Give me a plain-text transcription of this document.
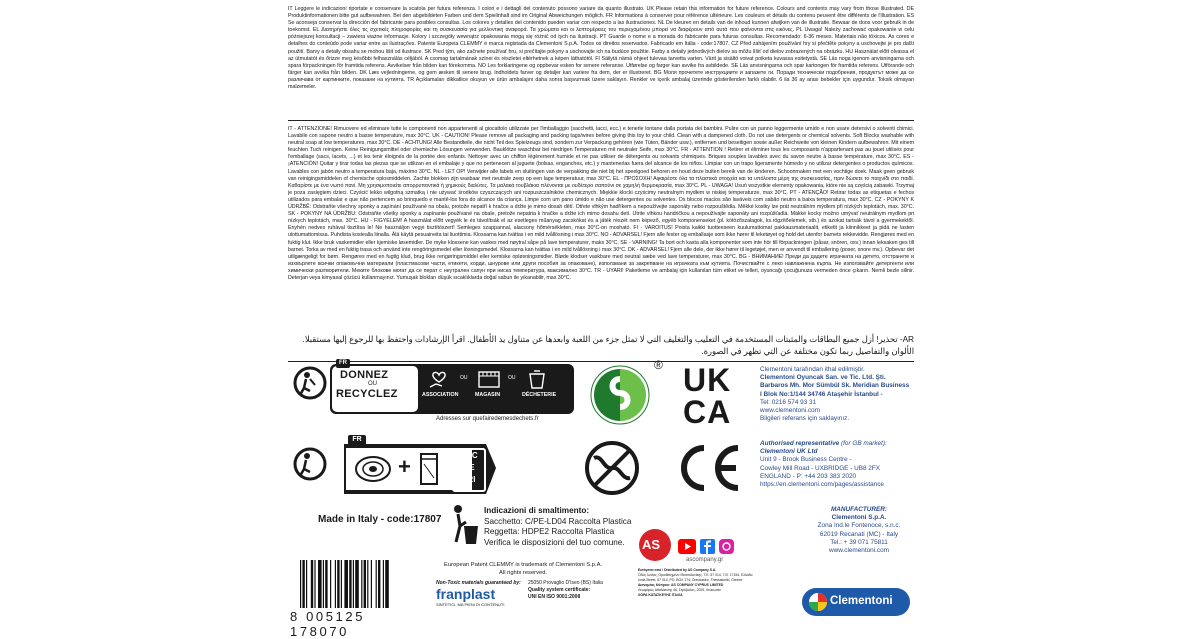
IT Leggere le indicazioni riportate e conservare la scatola per futura referenza. I colori e i dettagli del contenuto possono variare da quanto illustrato. UK Please retain this information for future reference. Colours and contents may vary from those illustrated. DE Produktinformationen bitte gut aufbewahren. Bei den abgebildeten Farben und dem Spielinhalt sind im Original Abweichungen möglich. FR Informations à conserver pour référence ultérieure. Les couleurs et détails du contenu peuvent être différents de l'illustration. ES Se aconseja conservar la dirección del fabricante para posibles consultas. Los colores y detalles del contenido pueden variar con respecto a las ilustraciones. NL De kleuren en details van de inhoud kunnen afwijken van de illustratie. Bewaar de doos voor gebruik in de toekomst. EL Διατηρήστε όλες τις σχετικές πληροφορίες και τη συσκευασία για μελλοντική αναφορά. Τα χρώματα και οι λεπτομέρειες του περιεχομένου μπορεί να διαφέρουν από αυτά που φαίνονται στις εικόνες. PL Uwaga! Należy zachować opakowanie w celu późniejszej konsultacji – zawiera ważne informacje. Kolory i szczegóły wewnątrz opakowania mogą się różnić od tych na ilustracji. PT Guarde o nome e a morada do fabricante para futuras consultas. Recomendado: 6-36 meses. Materiais não tóxicos. As cores e detalhes do conteúdo pode variar entre as ilustrações. Patente Europeia CLEMMY é marca registada da Clementoni S.p.A. Todos os direitos reservados. Fabricado em Itália - code:17807. CZ Před zahájením používání hry si přečtěte pokyny a uschovejte je pro další použití. Barvy a detaily obsahu se mohou lišit od ilustrace. SK Pred tým, ako začnete používať hru, si prečítajte pokyny a uschovajte ich na budúce použitie. Farby a detaily jednotlivých dielov sa môžu líšiť od dielov zobrazených na obrázku. HU Használat előtt olvassa el az útmutatót és őrizze meg későbbi felhasználás céljából. A csomag tartalmának színei és részletei eltérhetnek a képen láthatótól. FI Säilytä nämä ohjeet tulevaa tarvetta varten. Värit ja sisältö voivat poiketa kuvassa esitetystä. SE Läs noga igenom anvisningarna och spara förpackningen för framtida referens. Avvikelser från bilden kan förekomma. NO Les forklaringene og oppbevar esken for senere referanse. Utførelse og farger kan avvike fra avbildede. SE Läs anvisningarna och spar kartongen för framtida referens. Utförande och färger kan avvika från bilden. DK Læs vejledningerne, og gem æsken til senere brug. Indholdets farver og detaljer kan variere fra dem, der er illustreret. BG Моля прочетете инструкциите и запазете ги. Поради технически подобрения, продуктът може да се различава от картинките, показани на кутията. TR Açıklamaları dikkatlice okuyun ve ürün ambalajını daha sonra başvurmak üzere saklayın. Renkler ve içerik ambalaj üzerinde gösterilenden farklı olabilir. 6 ila 36 ay arası bebekler için uygundur. Toksik olmayan malzemeler.

IT - ATTENZIONE! Rimuovere ed eliminare tutte le componenti non appartenenti al giocattolo utilizzate per l'imballaggio (sacchetti, lacci, ecc.) e tenerle lontane dalla portata dei bambini. Pulire con un panno leggermente umido e non usare detersivi o solventi chimici. Lavabile con sapone neutro a basse temperature, max 30°C. UK - CAUTION! Please remove all packaging and packing tags/wires before giving this toy to your child. Clean with a dampened cloth. Do not use detergents or chemical solvents. Soft Blocks washable with neutral soap at low temperatures, max 30°C. DE - ACHTUNG! Alle Bestandteile, die nicht Teil des Spielzeugs sind, sondern zur Verpackung gehören (wie Tüten, Bänder usw.), entfernen und beseitigen sowie außer Reichweite von kleinen Kindern aufbewahren. Mit einem feuchten Tuch reinigen. Keine Reinigungsmittel oder chemische Lösungen verwenden. Bauklötze waschbar bei niedrigen Temperaturen mit neutraler Seife, max 30°C. FR - ATTENTION ! Retirer et éliminer tous les composants n'appartenant pas au jouet utilisés pour l'emballage (sacs, lacets, ...) et les tenir éloignés de la portée des enfants. Nettoyer avec un chiffon légèrement humide et ne pas utiliser de détergents ou solvants chimiques. Briques souples lavables avec du savon neutre à basse température, max 30°C. ES - ¡ATENCIÓN! Quitar y tirar todas las piezas que se utilizan en el embalaje y que no pertenecen al juguete (bolsas, enganches, etc.) y mantenerlas fuera del alcance de los niños. Limpiar con un trapo ligeramente húmedo y no utilizar detergentes o productos químicos. Lavables con jabón neutro a temperatura baja, máximo 30°C. NL - LET OP! Verwijder alle labels en sluitingen van de verpakking die niet bij het speelgoed behoren en houd deze buiten bereik van de kinderen. Schoonmaken met een vochtige doek. Maak geen gebruik van reinigingsmiddelen of chemische oplosmiddelen. Zachte blokken zijn wasbaar met neutrale zeep op een lage temperatuur, max 30°C. EL - ΠΡΟΣΟΧΗ! Αφαιρέστε όλα τα πλαστικά στοιχεία και τα υπόλοιπα μέρη της συσκευασίας, πριν δώσετε το παιχνίδι στο παιδί. Καθαρίστε με ένα νωπό πανί. Μη χρησιμοποιείτε απορρυπαντικά ή χημικούς διαλύτες. Τα μαλακά τουβλάκια πλένονται με ουδέτερο σαπούνι σε χαμηλή θερμοκρασία, max 30°C. PL - UWAGA! Usuń wszystkie elementy opakowania, które nie są częścią zabawki. Trzymaj je poza zasięgiem dzieci. Czyścić lekko wilgotną szmatką i nie używać środków czyszczących ani rozpuszczalników chemicznych. Miękkie klocki czyścimy neutralnym mydłem w niskiej temperaturze, max 30°C. PT - ATENÇÃO! Retirar todas as etiquetas e fechos utilizados para embalar e que não pertencem ao brinquedo e mantê-los fora do alcance da criança. Limpe com um pano úmido e não use detergentes ou solventes. Os blocos macios são laváveis com sabão neutro a baixa temperatura, max 30°C. CZ - POKYNY K ÚDRŽBĚ: Odstraňte všechny sponky a zapínání používané na obalu, protože nepatří k hračce a držte je mimo dosah dětí. Otřete vlhkým hadříkem a nepoužívejte saponáty nebo rozpouštědla. Měkké kostky lze prát neutrálním mýdlem při nízkých teplotách, max. 30°C. SK - POKYNY NA ÚDRŽBU: Odstráňte všetky sponky a zapínanie používané na obale, pretože nepatria k hračke a držte ich mimo dosahu detí. Utrite vlhkou handričkou a nepoužívajte saponáty ani rozpúšťadlá. Mäkké kocky možno umývať neutrálnym mydlom pri nízkych teplotách, max. 30°C. HU - FIGYELEM! A használat előtt vegyék le és távolítsák el az esetleges műanyag zacskókat és a játék részét nem képező, egyéb komponenseket (pl. kötözőszalagok, ks.rögzítőelemek, stb.) és azokat tartsák távol a gyermekektől. Enyhén nedves ruhával tisztítsa le! Ne használjon vegyi tisztítószert! Semleges szappannal, alacsony hőmérsékleten, max 30°C-on mosható. FI - VAROITUS! Poista kaikki tuotteeseen kuulumattomat pakkausmateriaalit, etiketit ja kiinnikkeet ja pidä ne lasten ulottumattomissa. Puhdista kostealla liinalla. Älä käytä pesuaineita tai liuottimia. Klossarna kan tvättas i en mild tvållösning i max 30°C. NO - ADVARSEL! Fjern alle fester og emballasje som ikke hører til leketøyet og hold det utenfor barnets rekkevidde. Rengjøres med en fuktig klut. Ikke bruk vaskemidler eller kjemiske løsemidler. De myke klossene kan vaskes med nøytral såpe på lave temperaturer, maks 30°C. SE - VARNING! Ta bort och kasta alla komponenter som inte hör till förpackningen (påsar, snören, osv.) innan leksaken ges till barnet. Torka av med en fuktig trasa och använd inte rengöringsmedel eller lösningsmedel. Klossarna kan tvättas i en mild tvållösning i max 30°C. DK - ADVARSEL! Fjern alle dele, der ikke hører til legetøjet, men er anvendt til emballering (poser, snore mv.). Opbevar det utilgængeligt for børn. Rengøres med en fugtig klud, brug ikke rengøringsmiddel eller kemiske opløsningsmidler. Bløde klodser vaskbare med neutral sæbe ved lave temperaturer, max 30°C. BG - ВНИМАНИЕ! Преди да дадете играчката на детето, отстранете и изхвърлете всички опаковъчни материали (пластмасови части, етикети, корди, шнурове или други пособия за опаковане), използвани за закрепване на играчката към кутията. Почиствайте с леко навлажнена кърпа. Не използвайте детергенти или химически разтворители. Меките блокове могат да се перат с неутрален сапун при ниска температура, максимално 30°C. TR - UYARI! Paketleme ve ambalaj için kullanılan tüm etiket ve telleri, oyuncağı çocuğunuza vermeden önce çıkarın. Nemli bezle silinir. Deterjan veya kimyasal çözücü kullanmayınız. Yumuşak blokları düşük sıcaklıklarda doğal sabun ile yıkanabilir, max 30°C.

AR- تحذير! أزل جميع البطاقات والمثبتات المستخدمة في التعليب والتغليف التي لا تمثل جزء من اللعبة وابعدها عن متناول يد الأطفال. اقرأ الإرشادات واحتفظ بها للرجوع إليها مستقبلا. الألوان والتفاصيل ربما تكون مختلفة عن التي تظهر في الصورة.

FR
DONNEZ
OU
RECYCLEZ	ASSOCIATION
OU
MAGASIN
OU
DÉCHETERIE
Adresses sur quefairedemesdechets.fr
® UK
CA
Clementoni tarafından ithal edilmiştir.
Clementoni Oyuncak San. ve Tic. Ltd. Şti.
Barbaros Mh. Mor Sümbül Sk. Meridian Business
I Blok No:1/144 34746 Ataşehir İstanbul -
Tel: 0216 574 93 31
www.clementoni.com
Bilgileri referans için saklayınız.
FR
+	BAC
DE
TRI
Authorised representative (for GB market):
Clementoni UK Ltd
Unit 9 - Brook Business Centre -
Cowley Mill Road - UXBRIDGE - UB8 2FX
ENGLAND - P: +44 203 383 2020
https://en.clementoni.com/pages/assistance
Made in Italy - code:17807
Indicazioni di smaltimento:
Sacchetto: C/PE-LD04 Raccolta Plastica
Reggetta: HDPE2 Raccolta Plastica
Verifica le disposizioni del tuo comune.
European Patent CLEMMY is trademark of Clementoni S.p.A.
All rights reserved.
Non-Toxic materials guaranteed by:
franplast
SINTETICI, MA PIENI DI CONTENUTI
25050 Provaglio D'Iseo (BS) Italia
Quality system certificate:
UNI EN ISO 9001:2008
AS
ascompany.gr
Εισάγεται από / Distributed by AS Company S.A.
Οδός Ιωνίας, Οριοθετημένο Θεσσαλονίκης, Τ.Κ. 57 014, Τ.Θ. 17154, Ελλάδα
Ionia Street, 57 014, PO. BOX 174, Oreokastro, Thessaloniki, Greece
Διανομέας Κύπρου: AS COMPANY CYPRUS LIMITED
Λεωφόρος Αθαλάσσης 46, Στρόβολος, 2025, Λευκωσία
ΧΩΡΑ ΚΑΤΑΣΚΕΥΗΣ ΙΤΑΛΙΑ
MANUFACTURER:
Clementoni S.p.A.
Zona Ind.le Fontenoce, s.n.c.
62019 Recanati (MC) - Italy
Tel.: + 39 071 75811
www.clementoni.com
Clementoni
8 005125 178070
